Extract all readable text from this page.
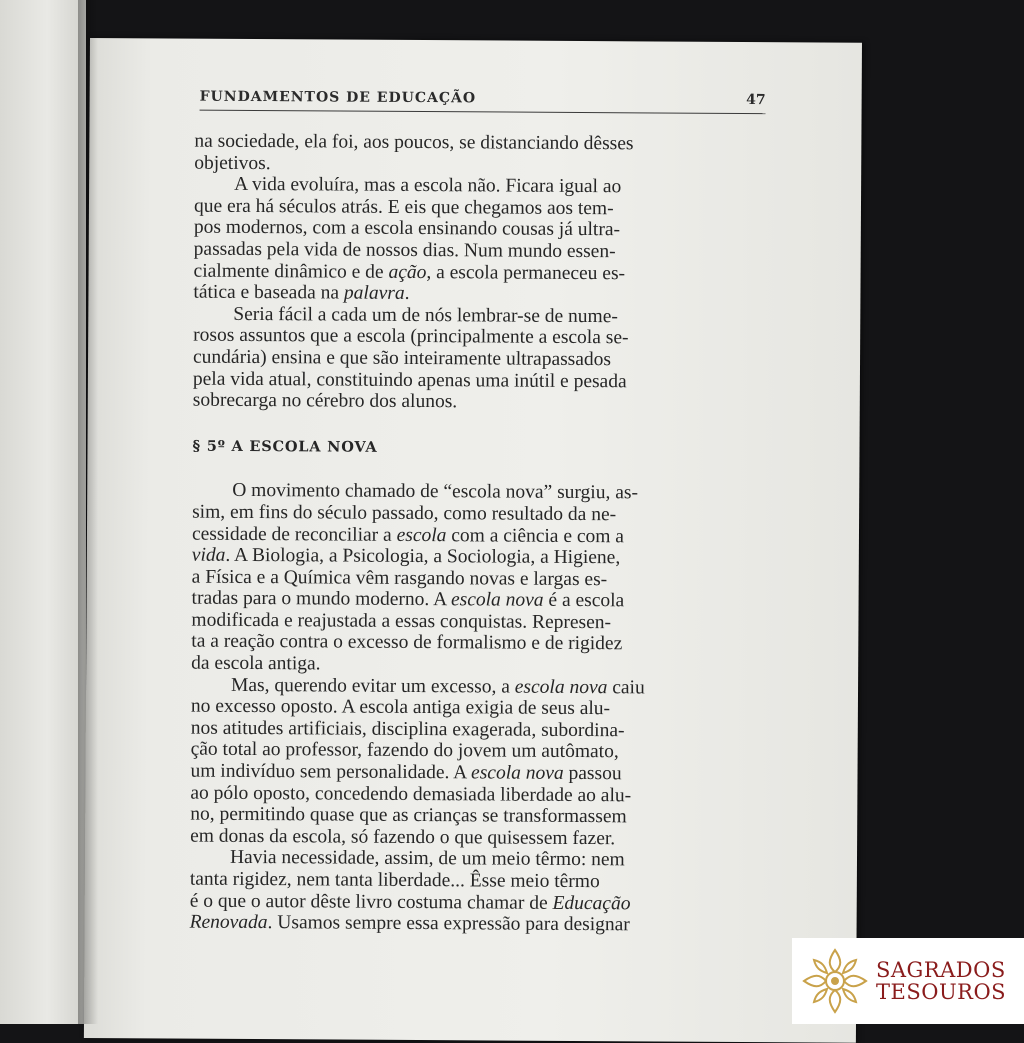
FUNDAMENTOS DE EDUCAÇÃO	47

na sociedade, ela foi, aos poucos, se distanciando dêsses
objetivos.

A vida evoluíra, mas a escola não. Ficara igual ao
que era há séculos atrás. E eis que chegamos aos tem-
pos modernos, com a escola ensinando cousas já ultra-
passadas pela vida de nossos dias. Num mundo essen-
cialmente dinâmico e de ação, a escola permaneceu es-
tática e baseada na palavra.

Seria fácil a cada um de nós lembrar-se de nume-
rosos assuntos que a escola (principalmente a escola se-
cundária) ensina e que são inteiramente ultrapassados
pela vida atual, constituindo apenas uma inútil e pesada
sobrecarga no cérebro dos alunos.

§ 5º A ESCOLA NOVA

O movimento chamado de “escola nova” surgiu, as-
sim, em fins do século passado, como resultado da ne-
cessidade de reconciliar a escola com a ciência e com a
vida. A Biologia, a Psicologia, a Sociologia, a Higiene,
a Física e a Química vêm rasgando novas e largas es-
tradas para o mundo moderno. A escola nova é a escola
modificada e reajustada a essas conquistas. Represen-
ta a reação contra o excesso de formalismo e de rigidez
da escola antiga.

Mas, querendo evitar um excesso, a escola nova caiu
no excesso oposto. A escola antiga exigia de seus alu-
nos atitudes artificiais, disciplina exagerada, subordina-
ção total ao professor, fazendo do jovem um autômato,
um indivíduo sem personalidade. A escola nova passou
ao pólo oposto, concedendo demasiada liberdade ao alu-
no, permitindo quase que as crianças se transformassem
em donas da escola, só fazendo o que quisessem fazer.

Havia necessidade, assim, de um meio têrmo: nem
tanta rigidez, nem tanta liberdade... Êsse meio têrmo
é o que o autor dêste livro costuma chamar de Educação
Renovada. Usamos sempre essa expressão para designar

SAGRADOS
TESOUROS
